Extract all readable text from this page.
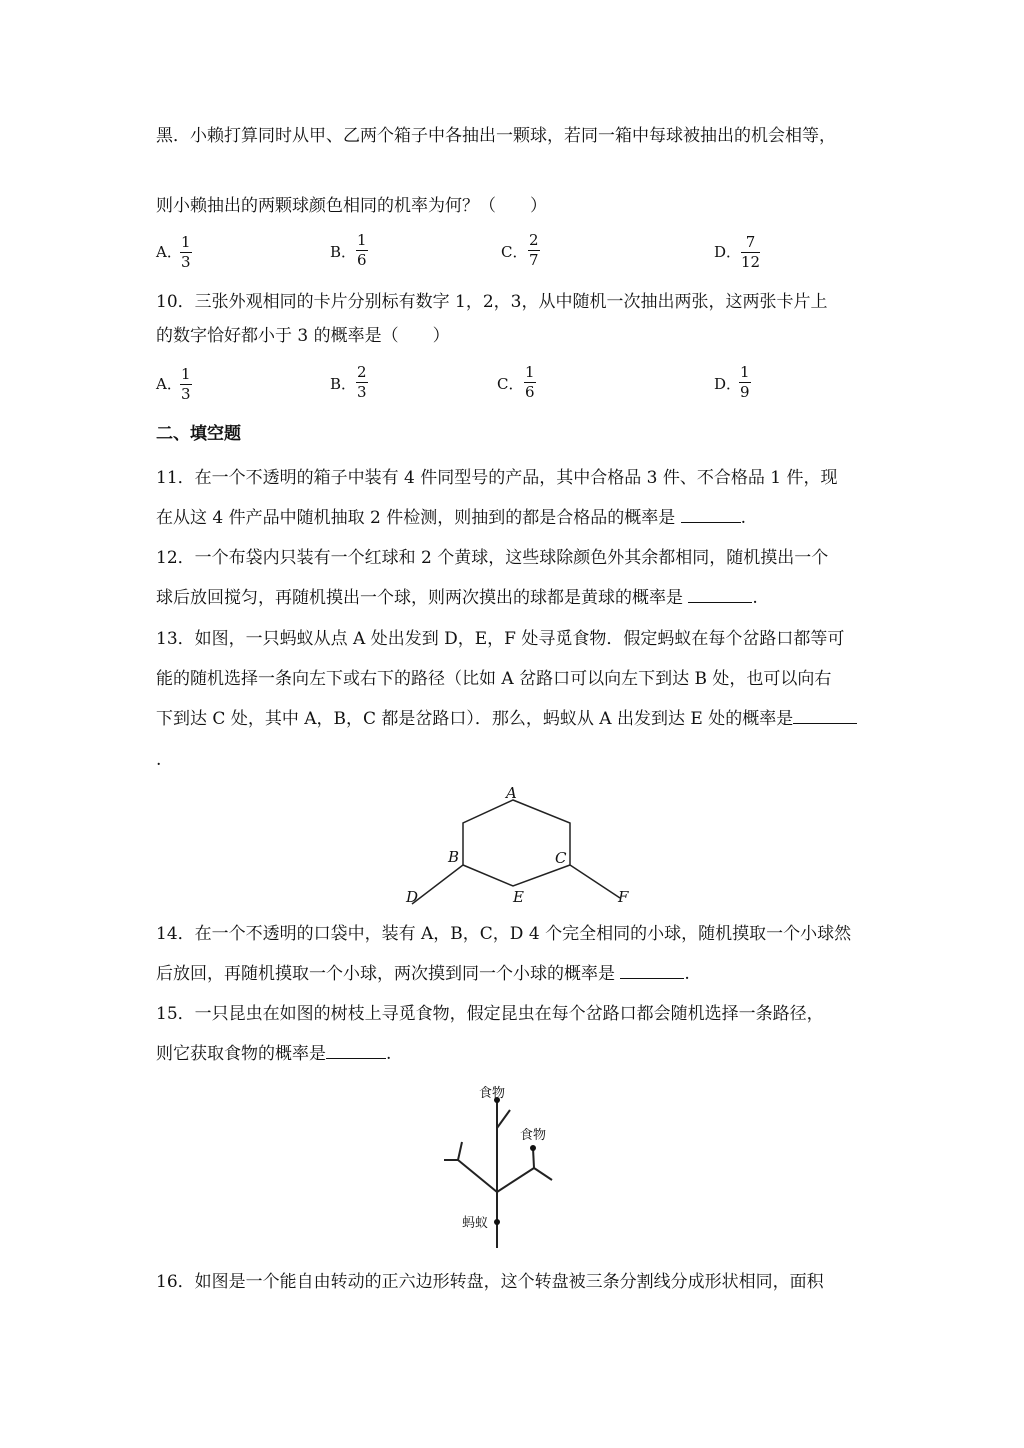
黑．小赖打算同时从甲、乙两个箱子中各抽出一颗球，若同一箱中每球被抽出的机会相等，
则小赖抽出的两颗球颜色相同的机率为何？（　　）
A．
1
3
B．
1
6	C．
2
7	D．
7
12
10．三张外观相同的卡片分别标有数字 1，2，3，从中随机一次抽出两张，这两张卡片上
的数字恰好都小于 3 的概率是（　　）
A．
1
3
B．
2
3	C．
1
6	D．
1
9
二、填空题
11．在一个不透明的箱子中装有 4 件同型号的产品，其中合格品 3 件、不合格品 1 件，现
在从这 4 件产品中随机抽取 2 件检测，则抽到的都是合格品的概率是	.
12．一个布袋内只装有一个红球和 2 个黄球，这些球除颜色外其余都相同，随机摸出一个
球后放回搅匀，再随机摸出一个球，则两次摸出的球都是黄球的概率是	.
13．如图，一只蚂蚁从点 A 处出发到 D，E，F 处寻觅食物．假定蚂蚁在每个岔路口都等可
能的随机选择一条向左下或右下的路径（比如 A 岔路口可以向左下到达 B 处，也可以向右
下到达 C 处，其中 A，B，C 都是岔路口）．那么，蚂蚁从 A 出发到达 E 处的概率是
.
A
B	C
D	E	F
14．在一个不透明的口袋中，装有 A，B，C，D 4 个完全相同的小球，随机摸取一个小球然
后放回，再随机摸取一个小球，两次摸到同一个小球的概率是	.
15．一只昆虫在如图的树枝上寻觅食物，假定昆虫在每个岔路口都会随机选择一条路径，
则它获取食物的概率是	.
食物
食物
蚂蚁
16．如图是一个能自由转动的正六边形转盘，这个转盘被三条分割线分成形状相同，面积
